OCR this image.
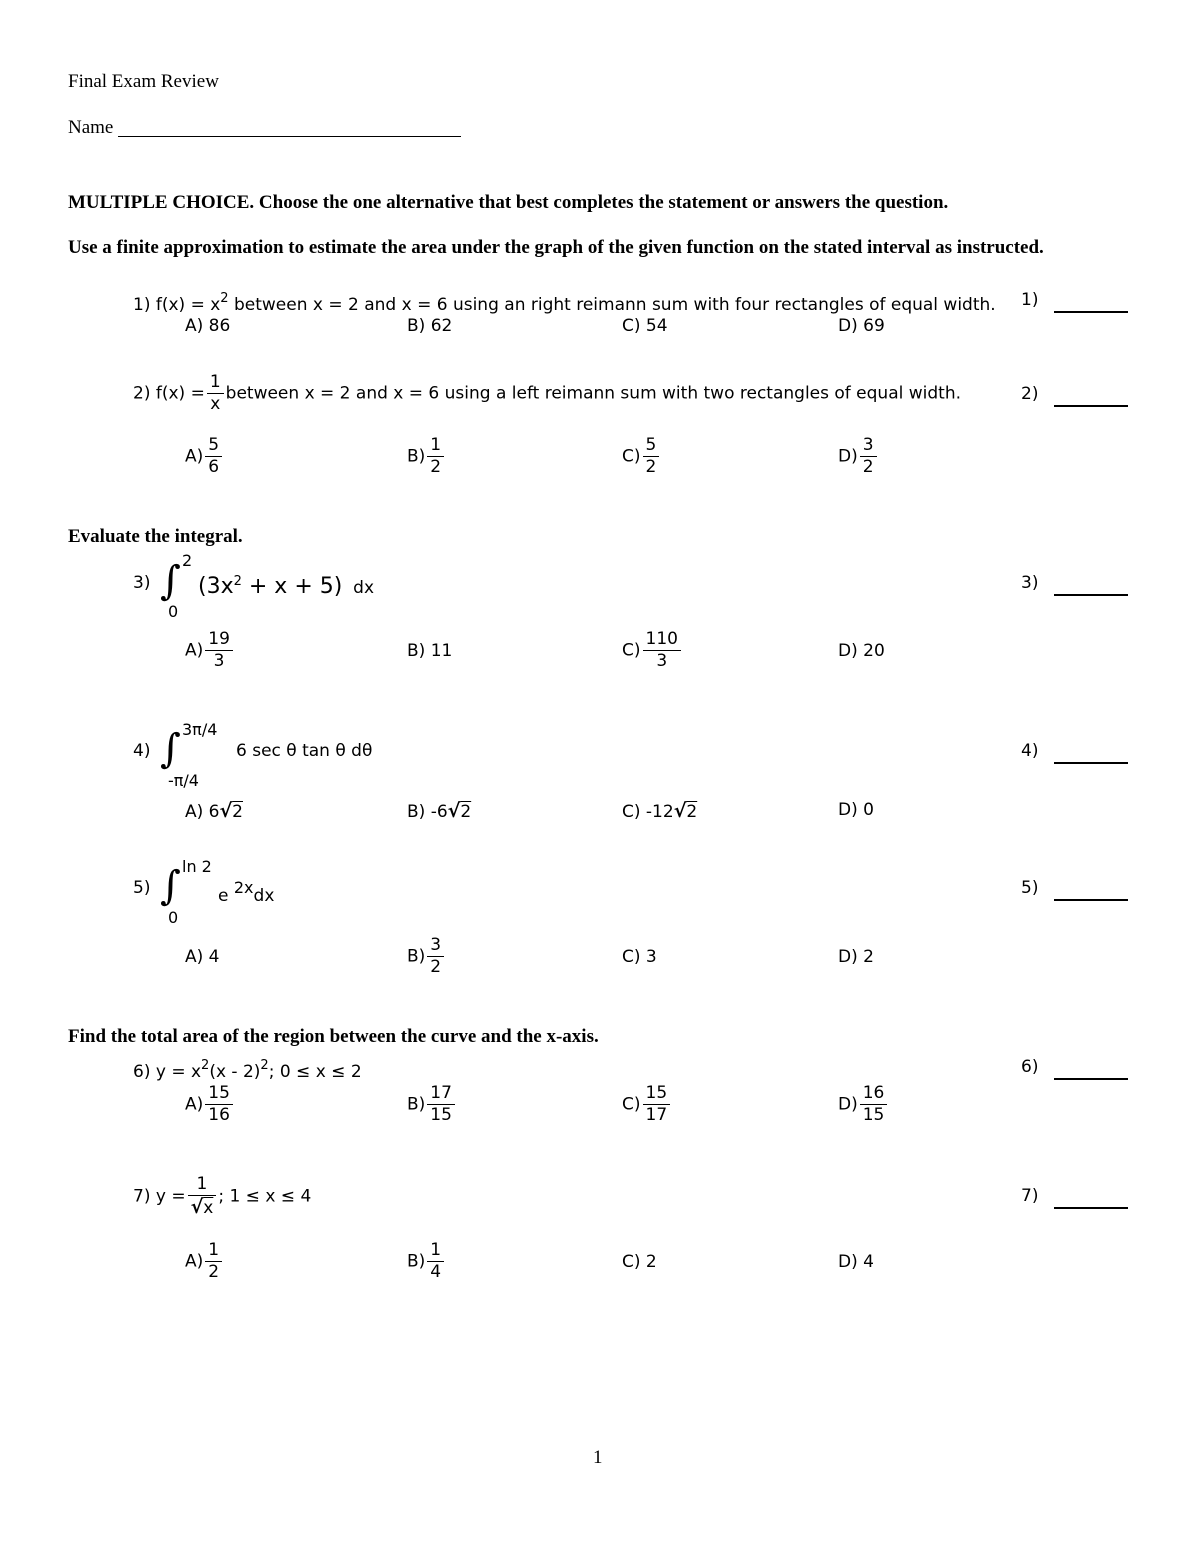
Final Exam Review
Name
MULTIPLE CHOICE. Choose the one alternative that best completes the statement or answers the question.
Use a finite approximation to estimate the area under the graph of the given function on the stated interval as instructed.
1) $f(x) = x^2$ between x = 2 and x = 6 using an right reimann sum with four rectangles of equal width. 1)
A) 86	B) 62	C) 54	D) 69
2) $f(x) = \frac{1}{x}$ between x = 2 and x = 6 using a left reimann sum with two rectangles of equal width.	2)
$A) \frac{5}{6}$	$B) \frac{1}{2}$	$C) \frac{5}{2}$	$D) \frac{3}{2}$
Evaluate the integral.
3) ∫ 2
0
$(3x^2 + x + 5)$ dx	3)
$A) \frac{19}{3}$	B) 11	$C) \frac{110}{3}$	D) 20
4) ∫ 3π/4
-π/4
6 sec θ tan θ dθ	4)
A) 6√2	B) -6√2	C) -12√2	D) 0
5) ∫ ln 2
0
e $^{2x}$dx	5)
A) 4	$B) \frac{3}{2}$	C) 3	D) 2
Find the total area of the region between the curve and the x-axis.
6) $y = x^2(x - 2)^2$; 0 ≤ x ≤ 2	6)
$A) \frac{15}{16}$	$B) \frac{17}{15}$	$C) \frac{15}{17}$	$D) \frac{16}{15}$
7) $y = \frac{1}{√x}$ ; 1 ≤ x ≤ 4	7)
$A) \frac{1}{2}$	$B) \frac{1}{4}$	C) 2	D) 4
1
